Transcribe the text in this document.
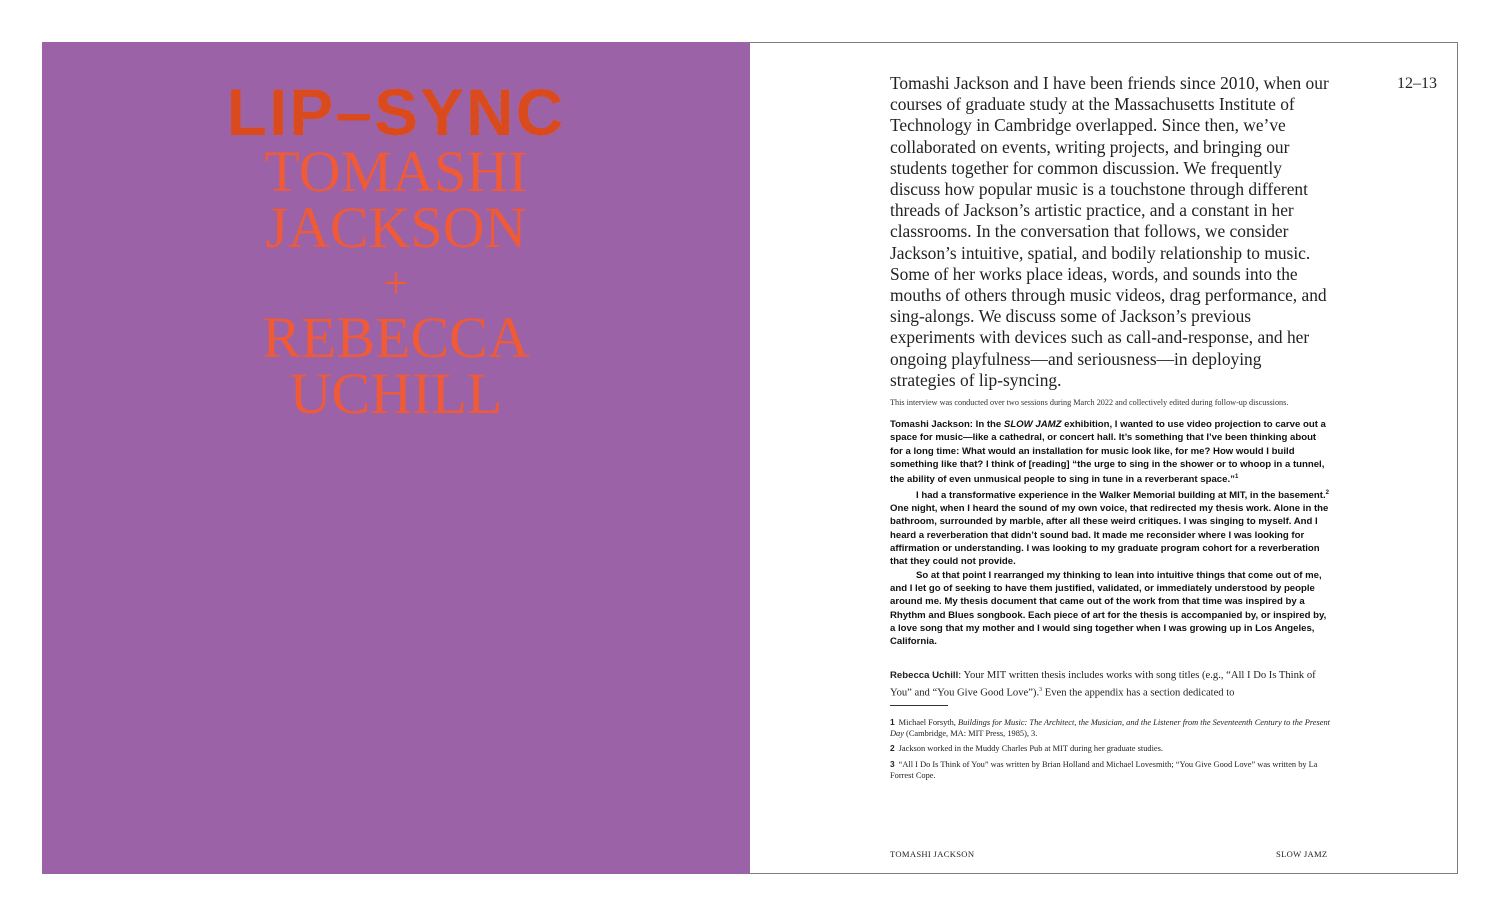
LIP–SYNC
TOMASHI
JACKSON
+
REBECCA
UCHILL
12–13
Tomashi Jackson and I have been friends since 2010, when our courses of graduate study at the Massachusetts Institute of Technology in Cambridge overlapped. Since then, we’ve collaborated on events, writing projects, and bringing our students together for common discussion. We frequently discuss how popular music is a touchstone through different threads of Jackson’s artistic practice, and a constant in her classrooms. In the conversation that follows, we consider Jackson’s intuitive, spatial, and bodily relationship to music. Some of her works place ideas, words, and sounds into the mouths of others through music videos, drag performance, and sing-alongs. We discuss some of Jackson’s previous experiments with devices such as call-and-response, and her ongoing playfulness—and seriousness—in deploying strategies of lip-syncing.
This interview was conducted over two sessions during March 2022 and collectively edited during follow-up discussions.

Tomashi Jackson: In the SLOW JAMZ exhibition, I wanted to use video projection to carve out a space for music—like a cathedral, or concert hall. It’s something that I’ve been thinking about for a long time: What would an installation for music look like, for me? How would I build something like that? I think of [reading] “the urge to sing in the shower or to whoop in a tunnel, the ability of even unmusical people to sing in tune in a reverberant space.”$^1$

I had a transformative experience in the Walker Memorial building at MIT, in the basement.$^2$ One night, when I heard the sound of my own voice, that redirected my thesis work. Alone in the bathroom, surrounded by marble, after all these weird critiques. I was singing to myself. And I heard a reverberation that didn’t sound bad. It made me reconsider where I was looking for affirmation or understanding. I was looking to my graduate program cohort for a reverberation that they could not provide.

So at that point I rearranged my thinking to lean into intuitive things that come out of me, and I let go of seeking to have them justified, validated, or immediately understood by people around me. My thesis document that came out of the work from that time was inspired by a Rhythm and Blues songbook. Each piece of art for the thesis is accompanied by, or inspired by, a love song that my mother and I would sing together when I was growing up in Los Angeles, California.

Rebecca Uchill: Your MIT written thesis includes works with song titles (e.g., “All I Do Is Think of You” and “You Give Good Love”).$^3$ Even the appendix has a section dedicated to
1 Michael Forsyth, Buildings for Music: The Architect, the Musician, and the Listener from the Seventeenth Century to the Present Day (Cambridge, MA: MIT Press, 1985), 3.
2 Jackson worked in the Muddy Charles Pub at MIT during her graduate studies.
3 “All I Do Is Think of You” was written by Brian Holland and Michael Lovesmith; “You Give Good Love” was written by La Forrest Cope.
TOMASHI JACKSON	SLOW JAMZ
